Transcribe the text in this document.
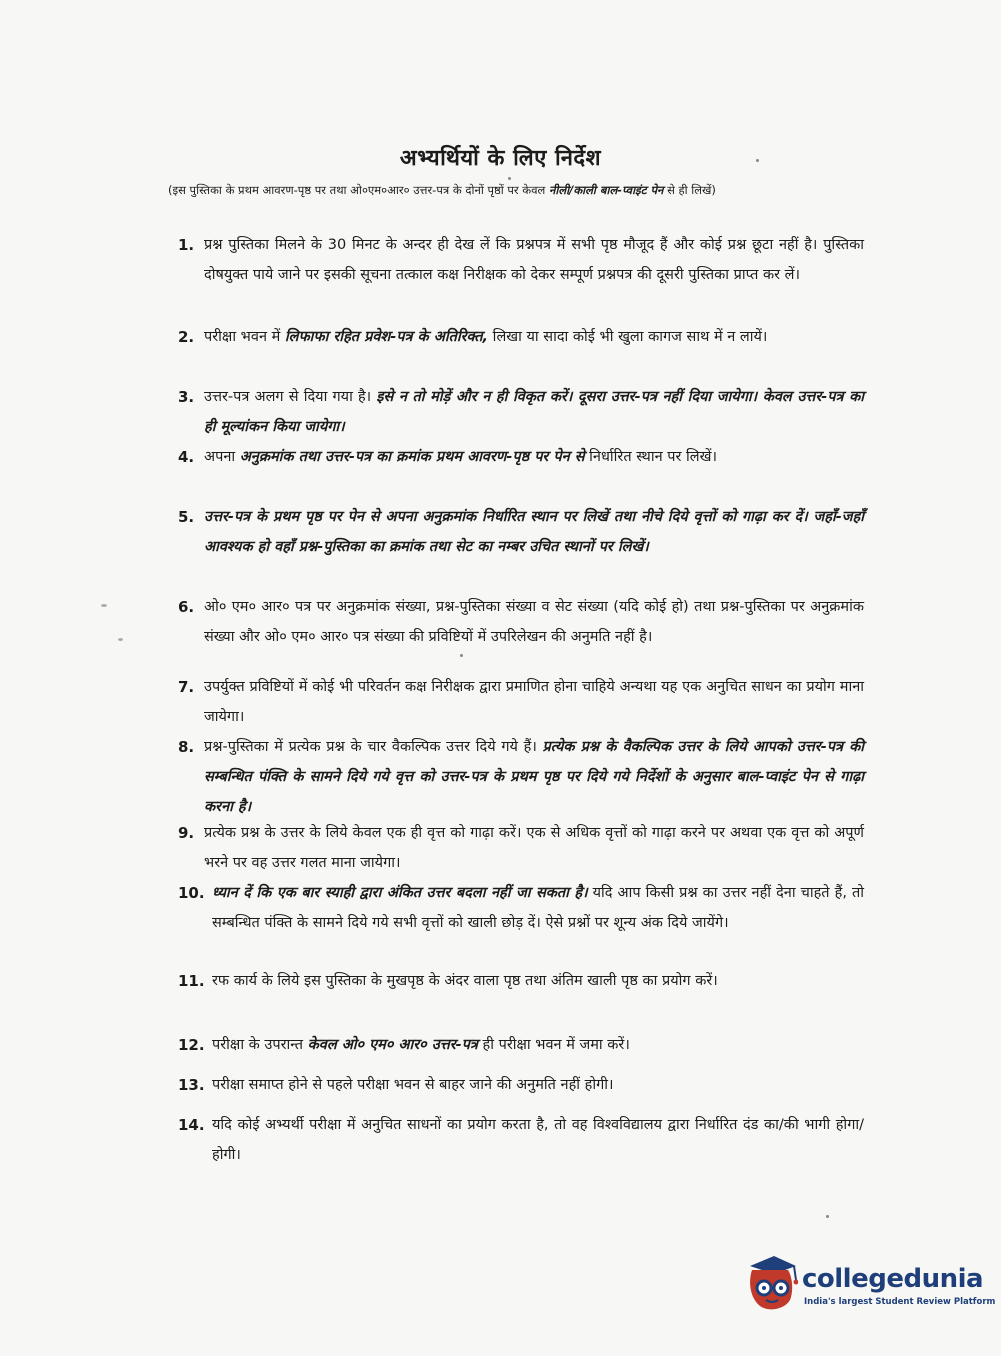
अभ्यर्थियों के लिए निर्देश
(इस पुस्तिका के प्रथम आवरण-पृष्ठ पर तथा ओ०एम०आर० उत्तर-पत्र के दोनों पृष्ठों पर केवल नीली/काली बाल-प्वाइंट पेन से ही लिखें)
1. प्रश्न पुस्तिका मिलने के 30 मिनट के अन्दर ही देख लें कि प्रश्नपत्र में सभी पृष्ठ मौजूद हैं और कोई प्रश्न छूटा नहीं है। पुस्तिका दोषयुक्त पाये जाने पर इसकी सूचना तत्काल कक्ष निरीक्षक को देकर सम्पूर्ण प्रश्नपत्र की दूसरी पुस्तिका प्राप्त कर लें।
2. परीक्षा भवन में लिफाफा रहित प्रवेश-पत्र के अतिरिक्त, लिखा या सादा कोई भी खुला कागज साथ में न लायें।
3. उत्तर-पत्र अलग से दिया गया है। इसे न तो मोड़ें और न ही विकृत करें। दूसरा उत्तर-पत्र नहीं दिया जायेगा। केवल उत्तर-पत्र का ही मूल्यांकन किया जायेगा।
4. अपना अनुक्रमांक तथा उत्तर-पत्र का क्रमांक प्रथम आवरण-पृष्ठ पर पेन से निर्धारित स्थान पर लिखें।
5. उत्तर-पत्र के प्रथम पृष्ठ पर पेन से अपना अनुक्रमांक निर्धारित स्थान पर लिखें तथा नीचे दिये वृत्तों को गाढ़ा कर दें। जहाँ-जहाँ आवश्यक हो वहाँ प्रश्न-पुस्तिका का क्रमांक तथा सेट का नम्बर उचित स्थानों पर लिखें।
6. ओ० एम० आर० पत्र पर अनुक्रमांक संख्या, प्रश्न-पुस्तिका संख्या व सेट संख्या (यदि कोई हो) तथा प्रश्न-पुस्तिका पर अनुक्रमांक संख्या और ओ० एम० आर० पत्र संख्या की प्रविष्टियों में उपरिलेखन की अनुमति नहीं है।
7. उपर्युक्त प्रविष्टियों में कोई भी परिवर्तन कक्ष निरीक्षक द्वारा प्रमाणित होना चाहिये अन्यथा यह एक अनुचित साधन का प्रयोग माना जायेगा।
8. प्रश्न-पुस्तिका में प्रत्येक प्रश्न के चार वैकल्पिक उत्तर दिये गये हैं। प्रत्येक प्रश्न के वैकल्पिक उत्तर के लिये आपको उत्तर-पत्र की सम्बन्धित पंक्ति के सामने दिये गये वृत्त को उत्तर-पत्र के प्रथम पृष्ठ पर दिये गये निर्देशों के अनुसार बाल-प्वाइंट पेन से गाढ़ा करना है।
9. प्रत्येक प्रश्न के उत्तर के लिये केवल एक ही वृत्त को गाढ़ा करें। एक से अधिक वृत्तों को गाढ़ा करने पर अथवा एक वृत्त को अपूर्ण भरने पर वह उत्तर गलत माना जायेगा।
10. ध्यान दें कि एक बार स्याही द्वारा अंकित उत्तर बदला नहीं जा सकता है। यदि आप किसी प्रश्न का उत्तर नहीं देना चाहते हैं, तो सम्बन्धित पंक्ति के सामने दिये गये सभी वृत्तों को खाली छोड़ दें। ऐसे प्रश्नों पर शून्य अंक दिये जायेंगे।
11. रफ कार्य के लिये इस पुस्तिका के मुखपृष्ठ के अंदर वाला पृष्ठ तथा अंतिम खाली पृष्ठ का प्रयोग करें।
12. परीक्षा के उपरान्त केवल ओ० एम० आर० उत्तर-पत्र ही परीक्षा भवन में जमा करें।
13. परीक्षा समाप्त होने से पहले परीक्षा भवन से बाहर जाने की अनुमति नहीं होगी।
14. यदि कोई अभ्यर्थी परीक्षा में अनुचित साधनों का प्रयोग करता है, तो वह विश्वविद्यालय द्वारा निर्धारित दंड का/की भागी होगा/होगी।
collegedunia
India's largest Student Review Platform
